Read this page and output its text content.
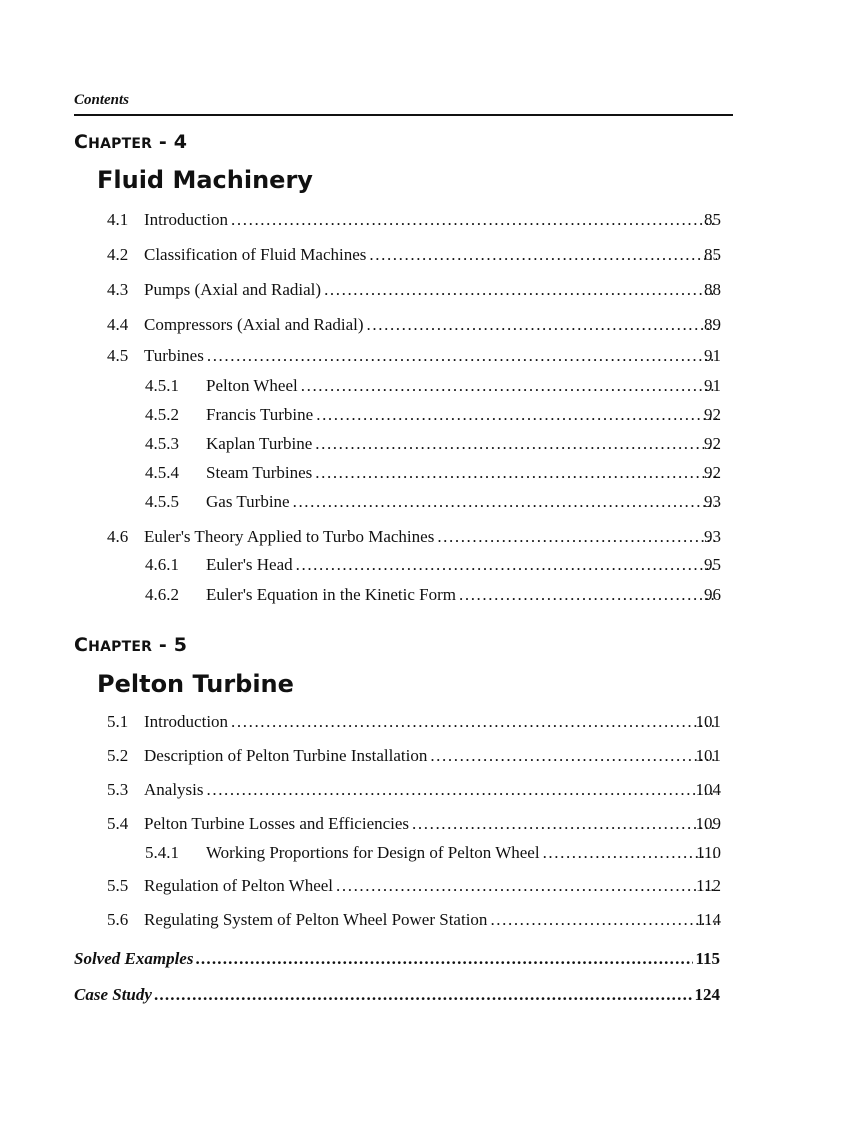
Contents
CHAPTER - 4
Fluid Machinery
4.1 Introduction .....	85
4.2 Classification of Fluid Machines .....	85
4.3 Pumps (Axial and Radial) .....	88
4.4 Compressors (Axial and Radial) .....	89
4.5 Turbines .....	91
4.5.1 Pelton Wheel .....	91
4.5.2 Francis Turbine .....	92
4.5.3 Kaplan Turbine .....	92
4.5.4 Steam Turbines .....	92
4.5.5 Gas Turbine .....	93
4.6 Euler's Theory Applied to Turbo Machines .....	93
4.6.1 Euler's Head .....	95
4.6.2 Euler's Equation in the Kinetic Form .....	96
CHAPTER - 5
Pelton Turbine
5.1 Introduction .....	101
5.2 Description of Pelton Turbine Installation .....	101
5.3 Analysis .....	104
5.4 Pelton Turbine Losses and Efficiencies .....	109
5.4.1 Working Proportions for Design of Pelton Wheel .....	110
5.5 Regulation of Pelton Wheel .....	112
5.6 Regulating System of Pelton Wheel Power Station .....	114
Solved Examples .....	115
Case Study .....	124
